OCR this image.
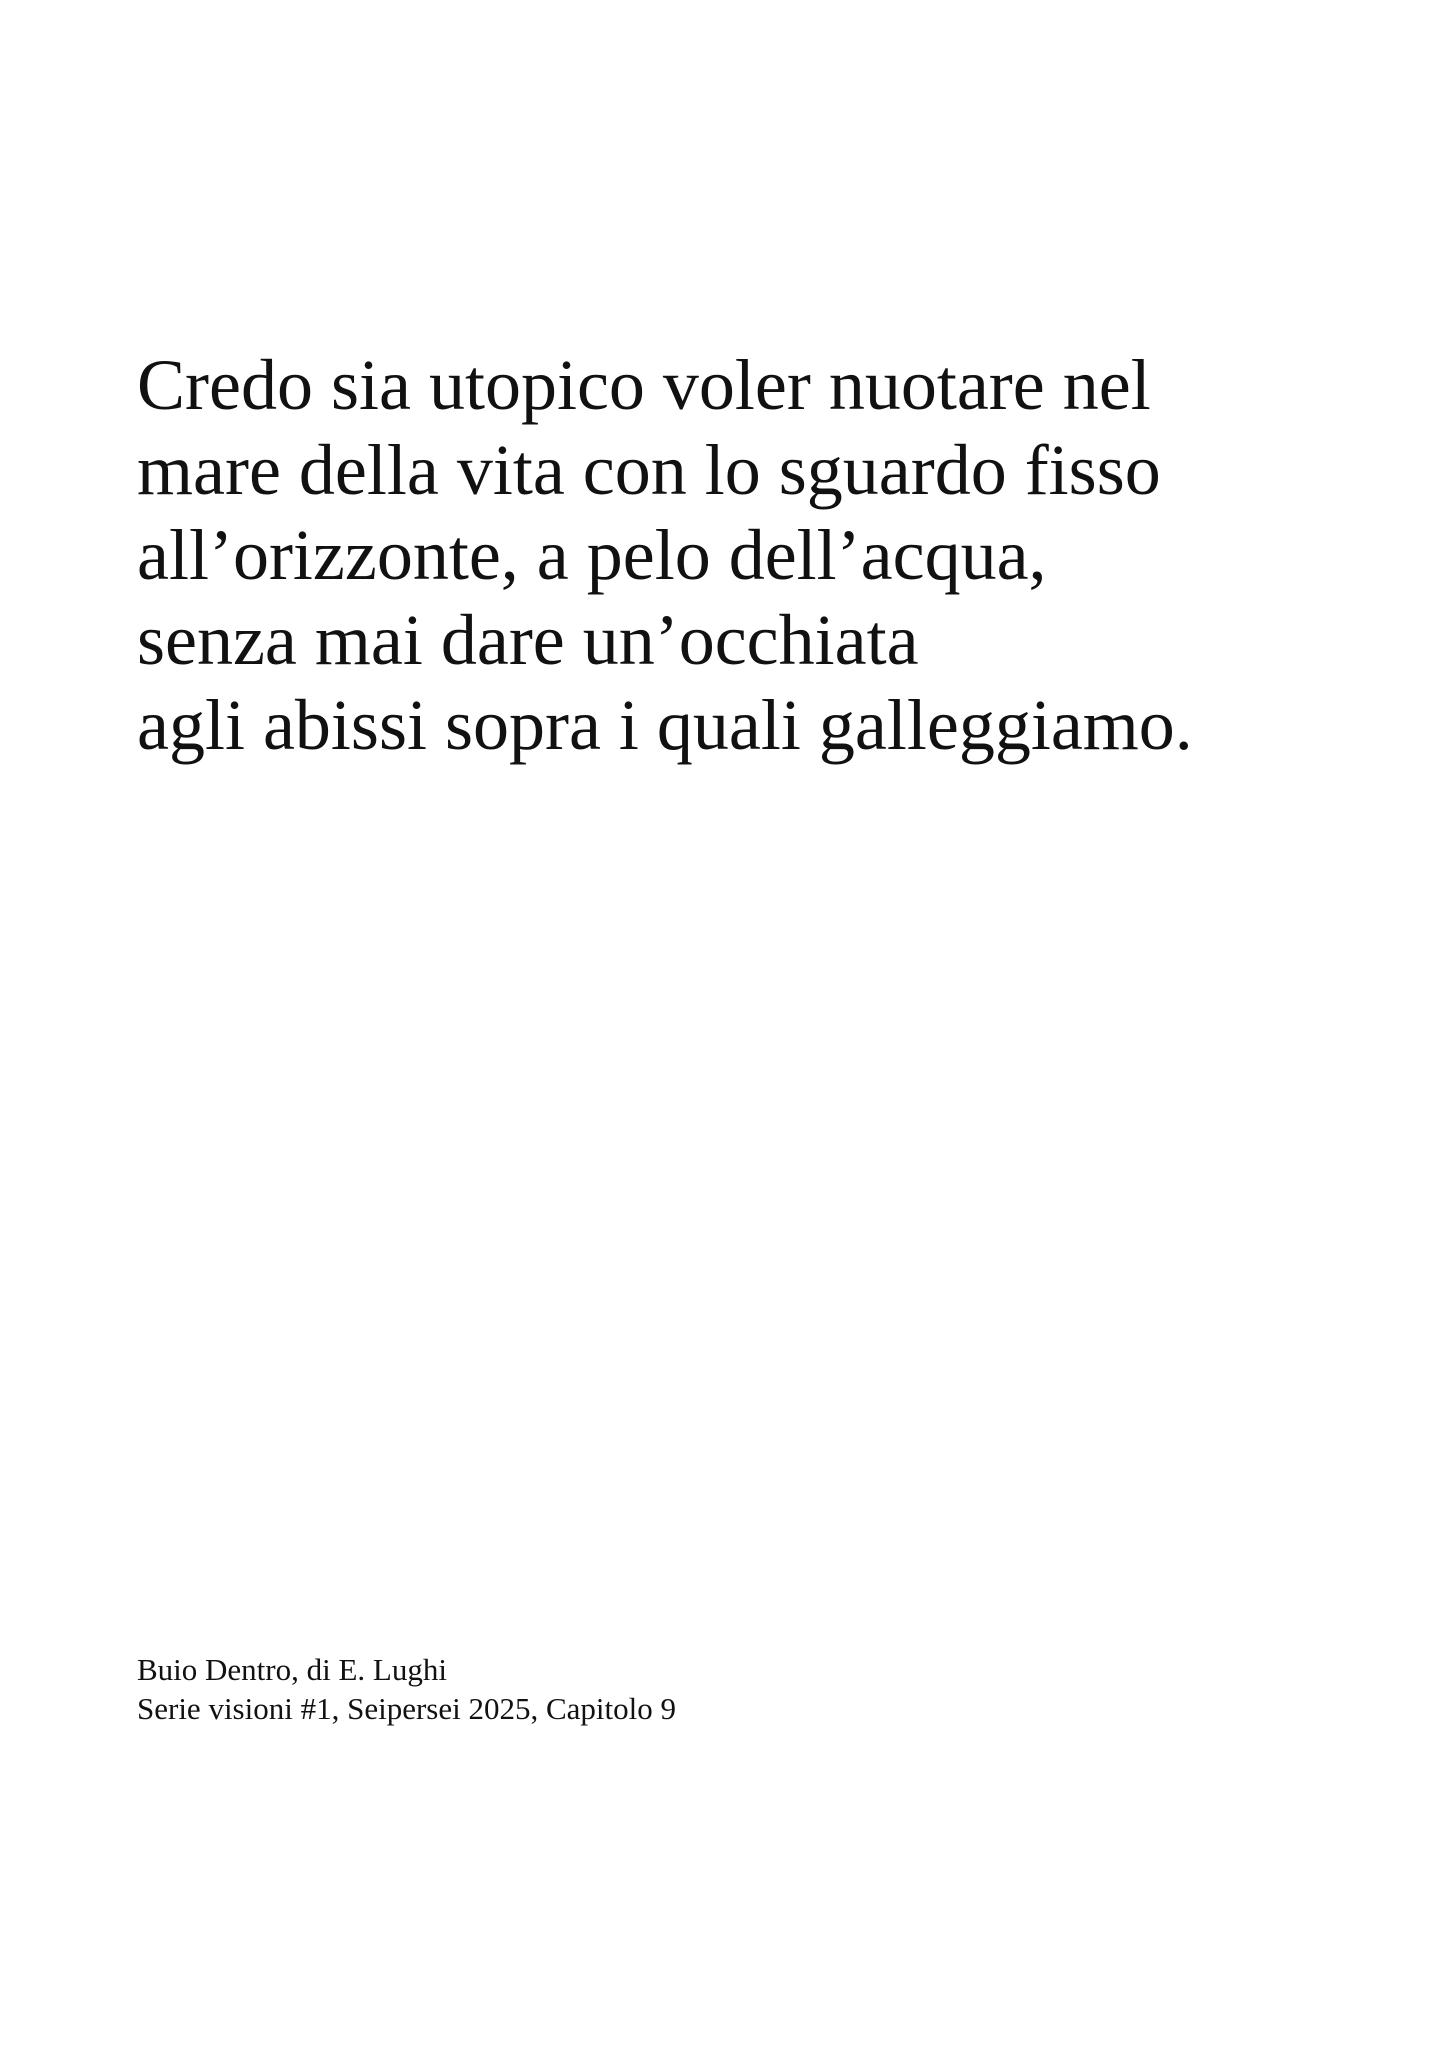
Credo sia utopico voler nuotare nel
mare della vita con lo sguardo fisso
all’orizzonte, a pelo dell’acqua,
senza mai dare un’occhiata
agli abissi sopra i quali galleggiamo.
Buio Dentro, di E. Lughi
Serie visioni #1, Seipersei 2025, Capitolo 9
